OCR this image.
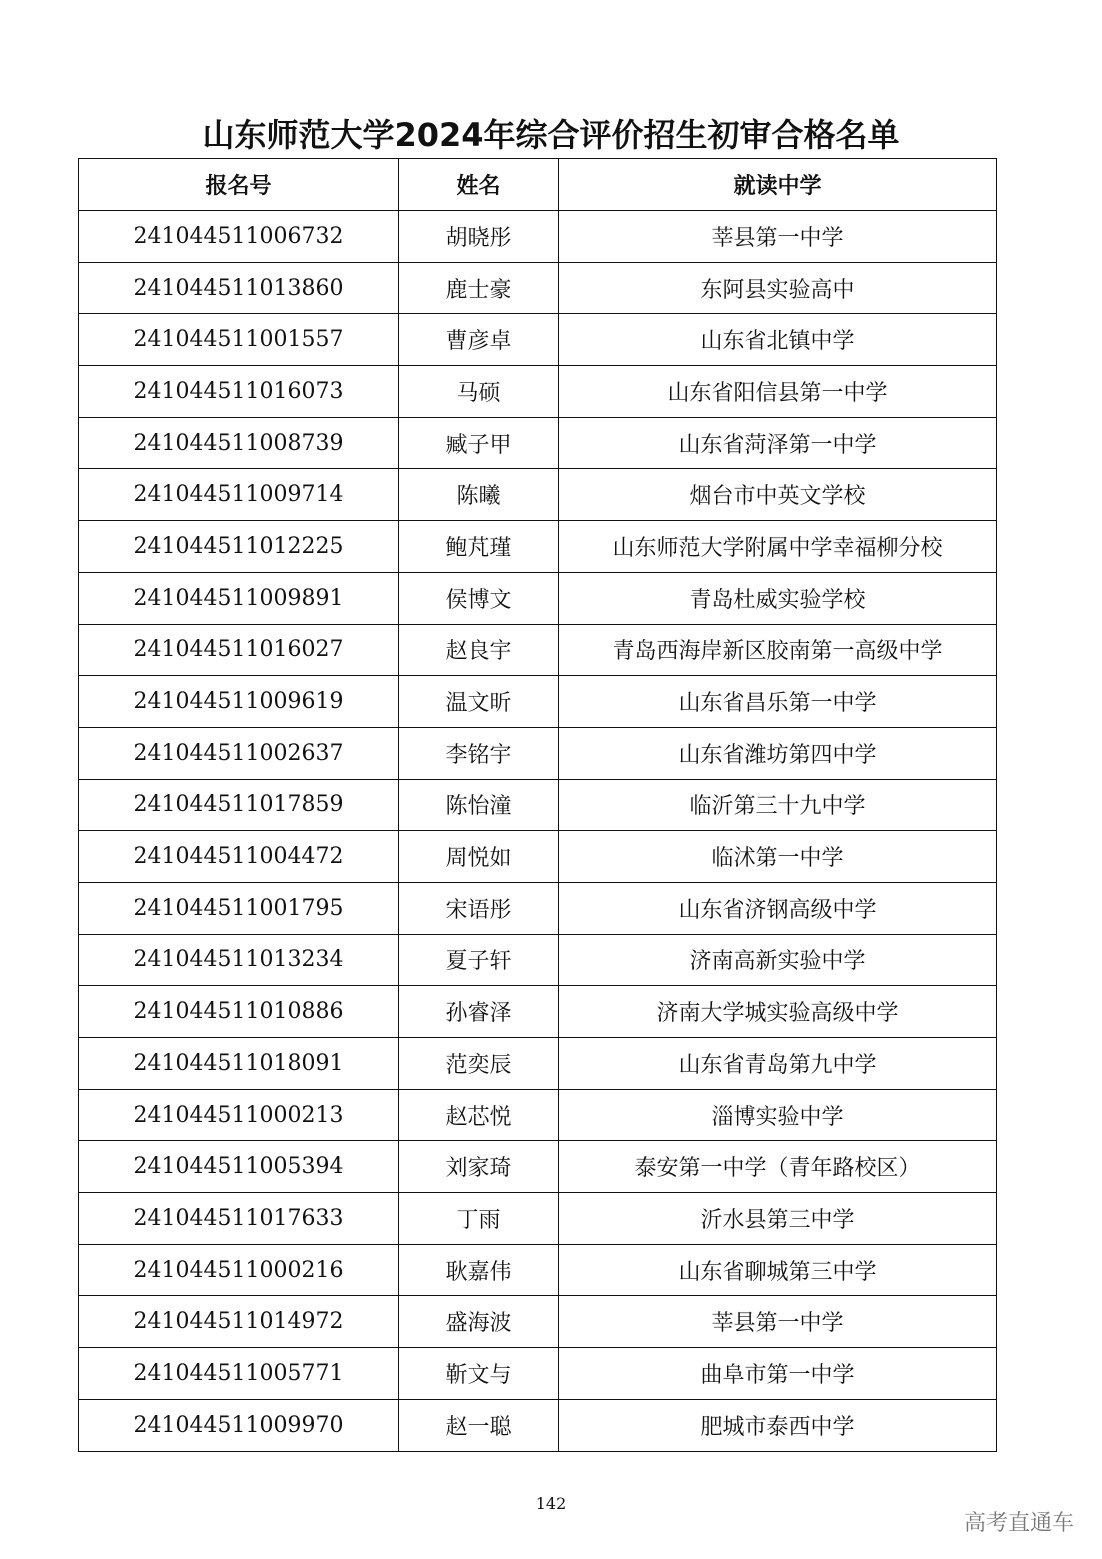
山东师范大学2024年综合评价招生初审合格名单
报名号	姓名	就读中学
241044511006732	胡晓彤	莘县第一中学
241044511013860	鹿士豪	东阿县实验高中
241044511001557	曹彦卓	山东省北镇中学
241044511016073	马硕	山东省阳信县第一中学
241044511008739	臧子甲	山东省菏泽第一中学
241044511009714	陈曦	烟台市中英文学校
241044511012225	鲍芃瑾	山东师范大学附属中学幸福柳分校
241044511009891	侯博文	青岛杜威实验学校
241044511016027	赵良宇	青岛西海岸新区胶南第一高级中学
241044511009619	温文昕	山东省昌乐第一中学
241044511002637	李铭宇	山东省潍坊第四中学
241044511017859	陈怡潼	临沂第三十九中学
241044511004472	周悦如	临沭第一中学
241044511001795	宋语彤	山东省济钢高级中学
241044511013234	夏子轩	济南高新实验中学
241044511010886	孙睿泽	济南大学城实验高级中学
241044511018091	范奕辰	山东省青岛第九中学
241044511000213	赵芯悦	淄博实验中学
241044511005394	刘家琦	泰安第一中学（青年路校区）
241044511017633	丁雨	沂水县第三中学
241044511000216	耿嘉伟	山东省聊城第三中学
241044511014972	盛海波	莘县第一中学
241044511005771	靳文与	曲阜市第一中学
241044511009970	赵一聪	肥城市泰西中学
142
高考直通车
